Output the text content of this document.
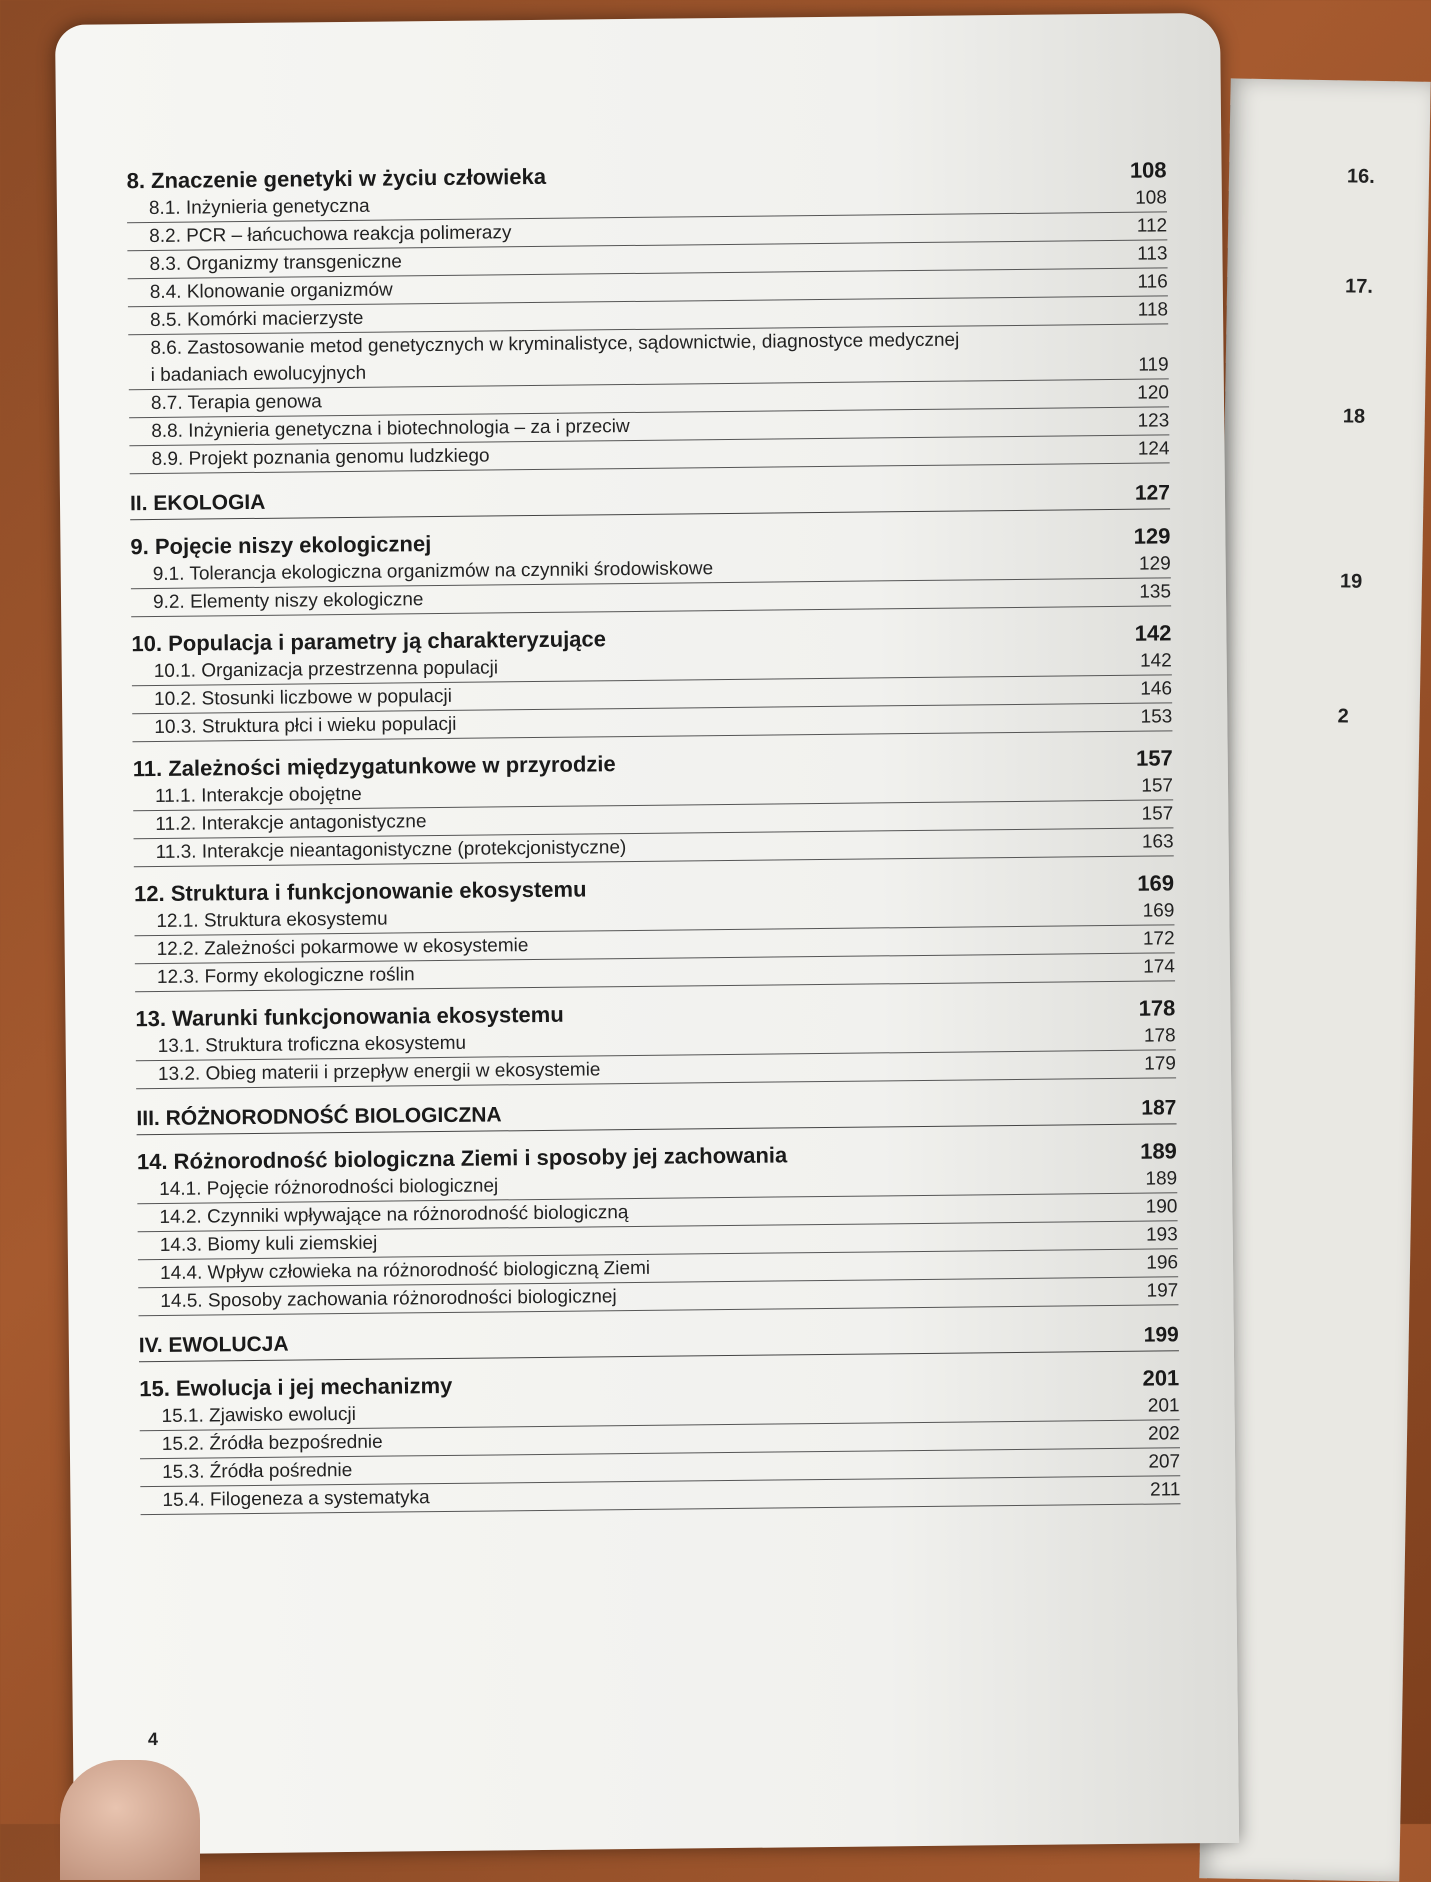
16.
17.
18
19
2
8. Znaczenie genetyki w życiu człowieka	108
8.1. Inżynieria genetyczna	108
8.2. PCR – łańcuchowa reakcja polimerazy	112
8.3. Organizmy transgeniczne	113
8.4. Klonowanie organizmów	116
8.5. Komórki macierzyste	118
8.6. Zastosowanie metod genetycznych w kryminalistyce, sądownictwie, diagnostyce medycznej
i badaniach ewolucyjnych	119
8.7. Terapia genowa	120
8.8. Inżynieria genetyczna i biotechnologia – za i przeciw	123
8.9. Projekt poznania genomu ludzkiego	124
II. EKOLOGIA	127
9. Pojęcie niszy ekologicznej	129
9.1. Tolerancja ekologiczna organizmów na czynniki środowiskowe	129
9.2. Elementy niszy ekologiczne	135
10. Populacja i parametry ją charakteryzujące	142
10.1. Organizacja przestrzenna populacji	142
10.2. Stosunki liczbowe w populacji	146
10.3. Struktura płci i wieku populacji	153
11. Zależności międzygatunkowe w przyrodzie	157
11.1. Interakcje obojętne	157
11.2. Interakcje antagonistyczne	157
11.3. Interakcje nieantagonistyczne (protekcjonistyczne)	163
12. Struktura i funkcjonowanie ekosystemu	169
12.1. Struktura ekosystemu	169
12.2. Zależności pokarmowe w ekosystemie	172
12.3. Formy ekologiczne roślin	174
13. Warunki funkcjonowania ekosystemu	178
13.1. Struktura troficzna ekosystemu	178
13.2. Obieg materii i przepływ energii w ekosystemie	179
III. RÓŻNORODNOŚĆ BIOLOGICZNA	187
14. Różnorodność biologiczna Ziemi i sposoby jej zachowania	189
14.1. Pojęcie różnorodności biologicznej	189
14.2. Czynniki wpływające na różnorodność biologiczną	190
14.3. Biomy kuli ziemskiej	193
14.4. Wpływ człowieka na różnorodność biologiczną Ziemi	196
14.5. Sposoby zachowania różnorodności biologicznej	197
IV. EWOLUCJA	199
15. Ewolucja i jej mechanizmy	201
15.1. Zjawisko ewolucji	201
15.2. Źródła bezpośrednie	202
15.3. Źródła pośrednie	207
15.4. Filogeneza a systematyka	211
4
